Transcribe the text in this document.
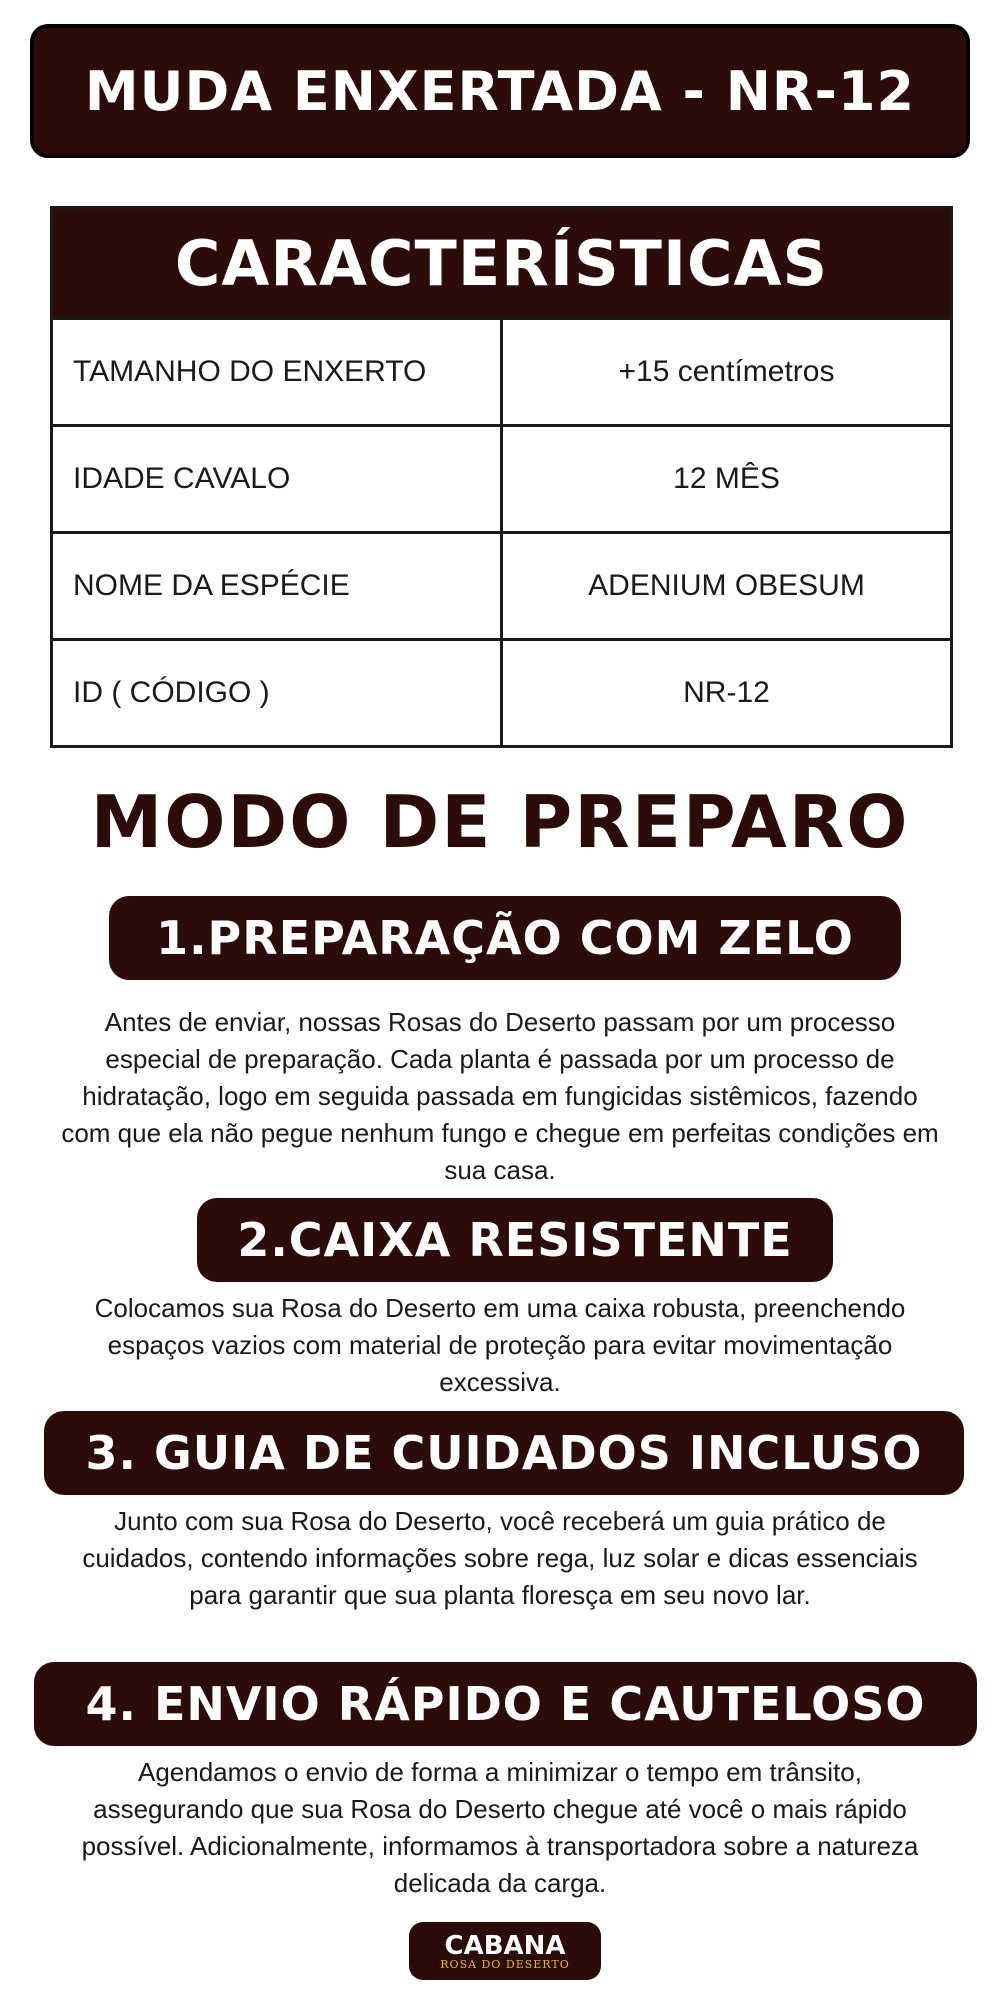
MUDA ENXERTADA - NR-12
CARACTERÍSTICAS	
TAMANHO DO ENXERTO	+15 centímetros
IDADE CAVALO	12 MÊS
NOME DA ESPÉCIE	ADENIUM OBESUM
ID ( CÓDIGO )	NR-12
MODO DE PREPARO
1.PREPARAÇÃO COM ZELO
Antes de enviar, nossas Rosas do Deserto passam por um processo especial de preparação. Cada planta é passada por um processo de hidratação, logo em seguida passada em fungicidas sistêmicos, fazendo com que ela não pegue nenhum fungo e chegue em perfeitas condições em sua casa.
2.CAIXA RESISTENTE
Colocamos sua Rosa do Deserto em uma caixa robusta, preenchendo espaços vazios com material de proteção para evitar movimentação excessiva.
3. GUIA DE CUIDADOS INCLUSO
Junto com sua Rosa do Deserto, você receberá um guia prático de cuidados, contendo informações sobre rega, luz solar e dicas essenciais para garantir que sua planta floresça em seu novo lar.
4. ENVIO RÁPIDO E CAUTELOSO
Agendamos o envio de forma a minimizar o tempo em trânsito, assegurando que sua Rosa do Deserto chegue até você o mais rápido possível. Adicionalmente, informamos à transportadora sobre a natureza delicada da carga.
CABANA
ROSA DO DESERTO
